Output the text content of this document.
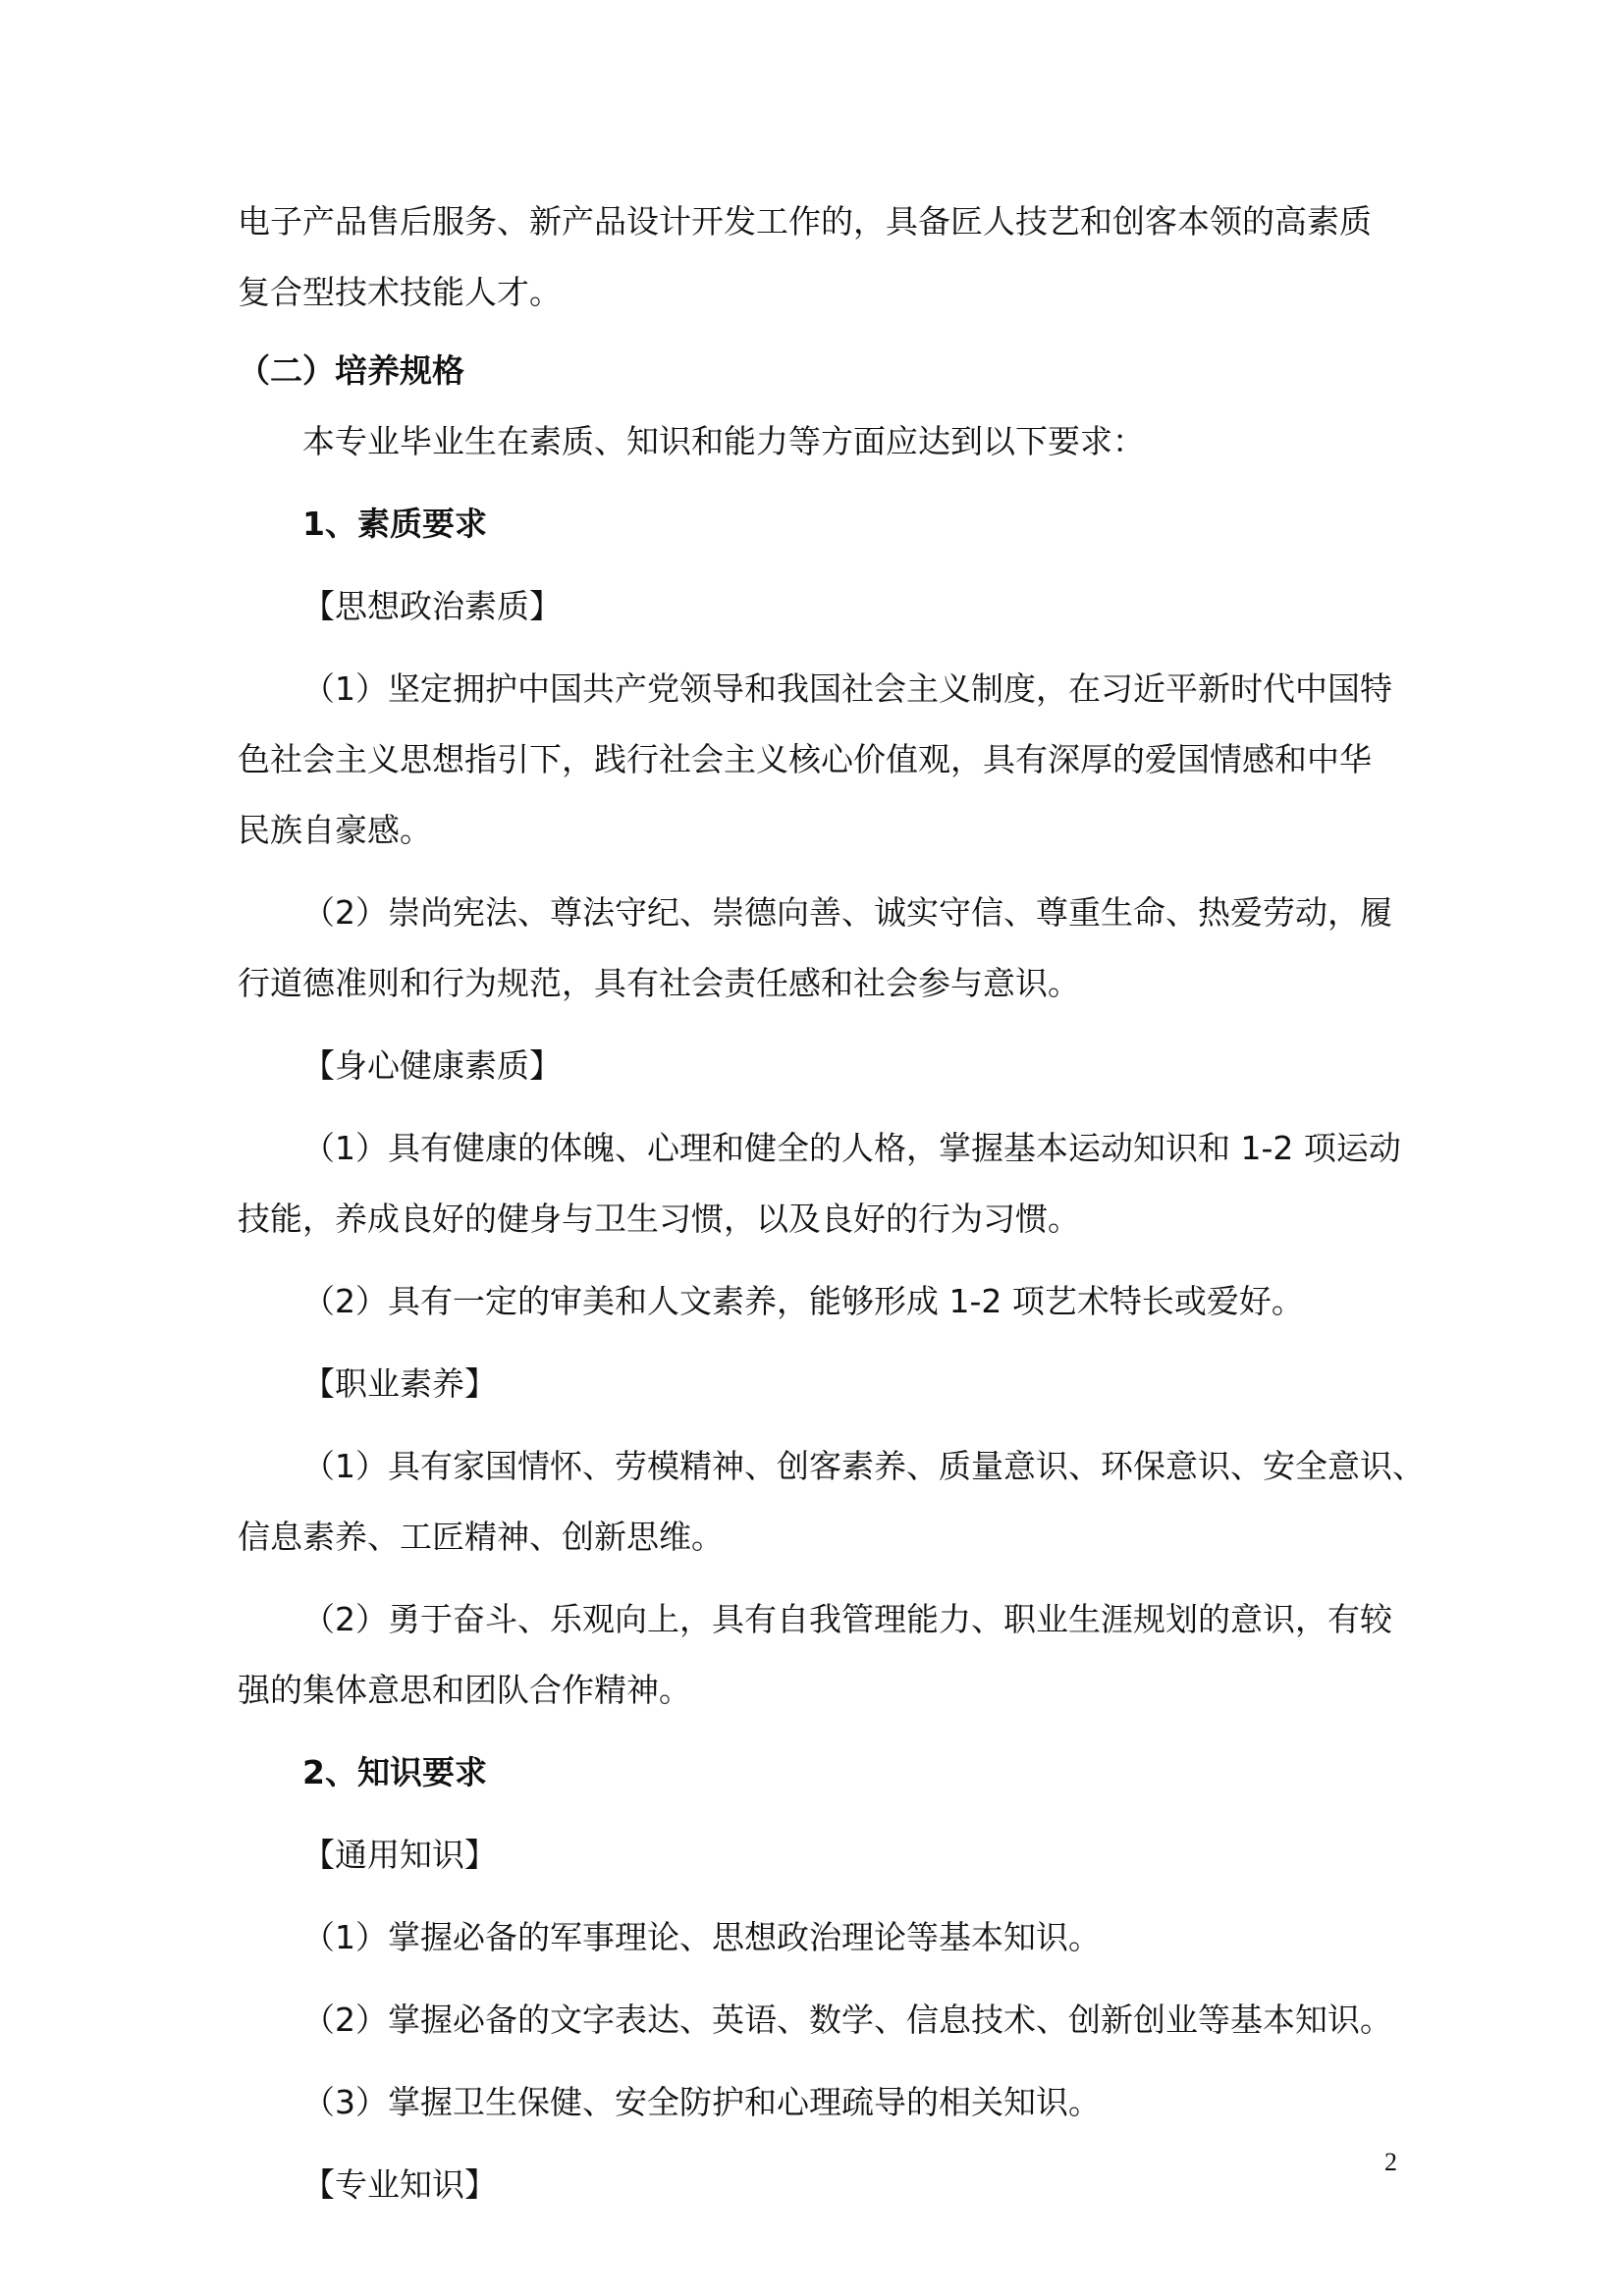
电子产品售后服务、新产品设计开发工作的，具备匠人技艺和创客本领的高素质

复合型技术技能人才。

（二）培养规格

本专业毕业生在素质、知识和能力等方面应达到以下要求：

1、素质要求

【思想政治素质】

（1）坚定拥护中国共产党领导和我国社会主义制度，在习近平新时代中国特

色社会主义思想指引下，践行社会主义核心价值观，具有深厚的爱国情感和中华

民族自豪感。

（2）崇尚宪法、尊法守纪、崇德向善、诚实守信、尊重生命、热爱劳动，履

行道德准则和行为规范，具有社会责任感和社会参与意识。

【身心健康素质】

（1）具有健康的体魄、心理和健全的人格，掌握基本运动知识和 1-2 项运动

技能，养成良好的健身与卫生习惯，以及良好的行为习惯。

（2）具有一定的审美和人文素养，能够形成 1-2 项艺术特长或爱好。

【职业素养】

（1）具有家国情怀、劳模精神、创客素养、质量意识、环保意识、安全意识、

信息素养、工匠精神、创新思维。

（2）勇于奋斗、乐观向上，具有自我管理能力、职业生涯规划的意识，有较

强的集体意思和团队合作精神。

2、知识要求

【通用知识】

（1）掌握必备的军事理论、思想政治理论等基本知识。

（2）掌握必备的文字表达、英语、数学、信息技术、创新创业等基本知识。

（3）掌握卫生保健、安全防护和心理疏导的相关知识。

【专业知识】

2
